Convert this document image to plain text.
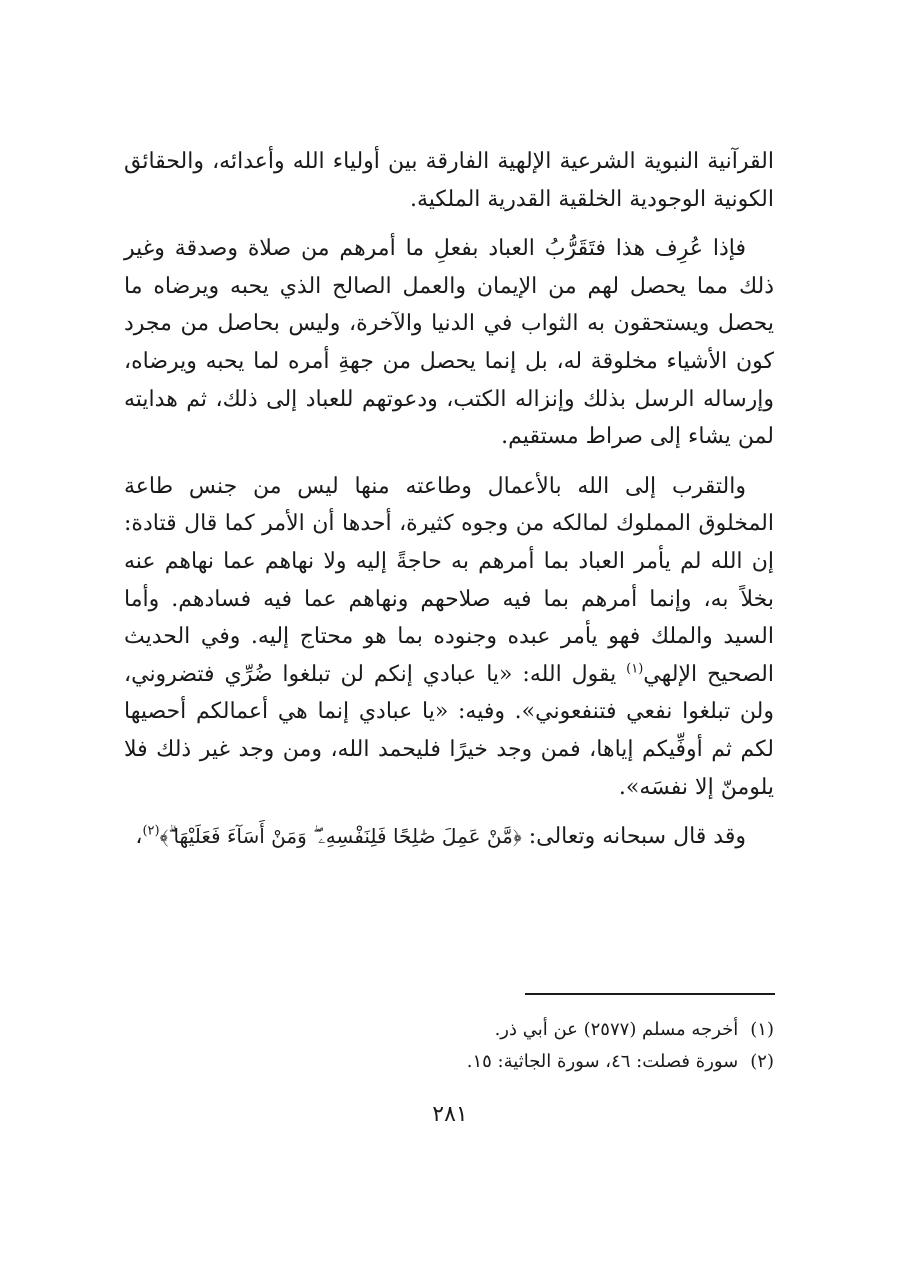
القرآنية النبوية الشرعية الإلهية الفارقة بين أولياء الله وأعدائه، والحقائق الكونية الوجودية الخلقية القدرية الملكية.

فإذا عُرِف هذا فتَقَرُّبُ العباد بفعلِ ما أمرهم من صلاة وصدقة وغير ذلك مما يحصل لهم من الإيمان والعمل الصالح الذي يحبه ويرضاه ما يحصل ويستحقون به الثواب في الدنيا والآخرة، وليس بحاصل من مجرد كون الأشياء مخلوقة له، بل إنما يحصل من جهةِ أمره لما يحبه ويرضاه، وإرساله الرسل بذلك وإنزاله الكتب، ودعوتهم للعباد إلى ذلك، ثم هدايته لمن يشاء إلى صراط مستقيم.

والتقرب إلى الله بالأعمال وطاعته منها ليس من جنس طاعة المخلوق المملوك لمالكه من وجوه كثيرة، أحدها أن الأمر كما قال قتادة: إن الله لم يأمر العباد بما أمرهم به حاجةً إليه ولا نهاهم عما نهاهم عنه بخلاً به، وإنما أمرهم بما فيه صلاحهم ونهاهم عما فيه فسادهم. وأما السيد والملك فهو يأمر عبده وجنوده بما هو محتاج إليه. وفي الحديث الصحيح الإلهي$^{(١)}$ يقول الله: «يا عبادي إنكم لن تبلغوا ضُرِّي فتضروني، ولن تبلغوا نفعي فتنفعوني». وفيه: «يا عبادي إنما هي أعمالكم أحصيها لكم ثم أوفِّيكم إياها، فمن وجد خيرًا فليحمد الله، ومن وجد غير ذلك فلا يلومنّ إلا نفسَه».

وقد قال سبحانه وتعالى: ﴿مَّنْ عَمِلَ صَٰلِحًا فَلِنَفْسِهِۦ ۖ وَمَنْ أَسَآءَ فَعَلَيْهَا ۗ﴾$^{(٢)}$،

(١)أخرجه مسلم (٢٥٧٧) عن أبي ذر.

(٢)سورة فصلت: ٤٦، سورة الجاثية: ١٥.

٢٨١
